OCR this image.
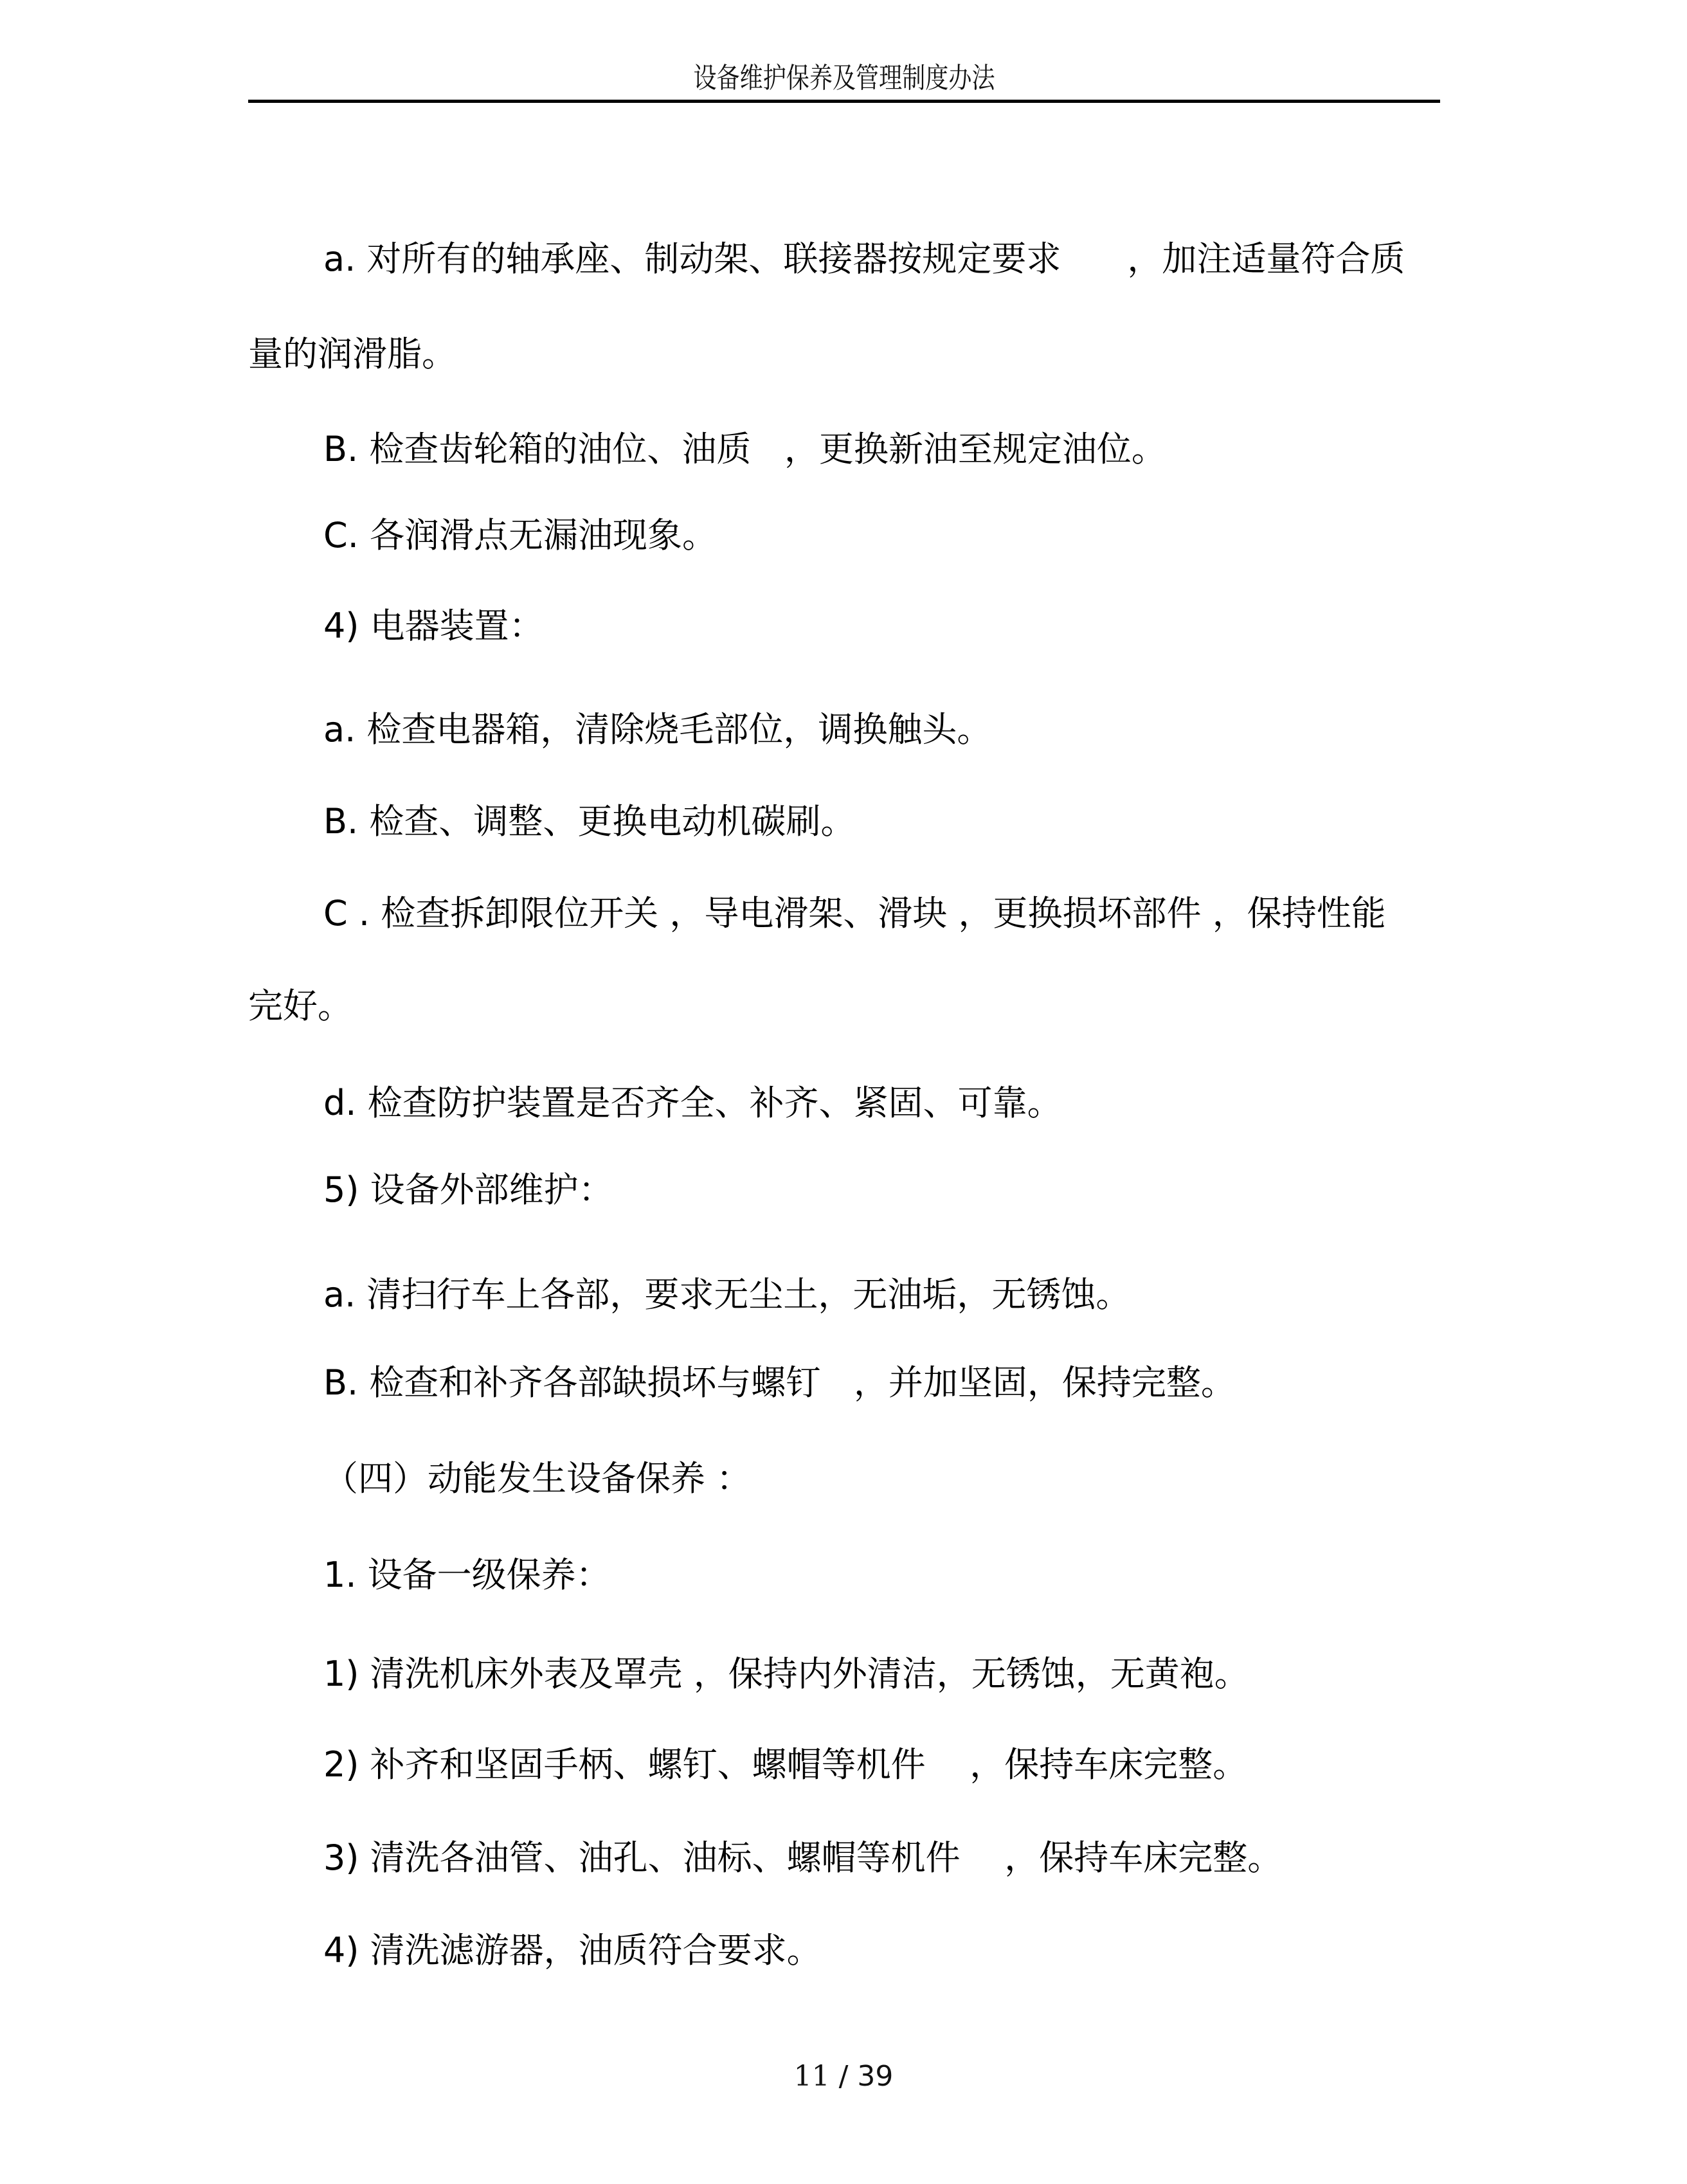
设备维护保养及管理制度办法
a. 对所有的轴承座、制动架、联接器按规定要求      ，加注适量符合质
量的润滑脂。
B. 检查齿轮箱的油位、油质   ，更换新油至规定油位。
C. 各润滑点无漏油现象。
4) 电器装置：
a. 检查电器箱，清除烧毛部位，调换触头。
B. 检查、调整、更换电动机碳刷。
C . 检查拆卸限位开关 ，导电滑架、滑块 ，更换损坏部件 ，保持性能
完好。
d. 检查防护装置是否齐全、补齐、紧固、可靠。
5) 设备外部维护：
a. 清扫行车上各部，要求无尘土，无油垢，无锈蚀。
B. 检查和补齐各部缺损坏与螺钉   ，并加坚固，保持完整。
（四）动能发生设备保养 ：
1. 设备一级保养：
1) 清洗机床外表及罩壳 ，保持内外清洁，无锈蚀，无黄袍。
2) 补齐和坚固手柄、螺钉、螺帽等机件    ，保持车床完整。
3) 清洗各油管、油孔、油标、螺帽等机件    ，保持车床完整。
4) 清洗滤游器，油质符合要求。
11 / 39
